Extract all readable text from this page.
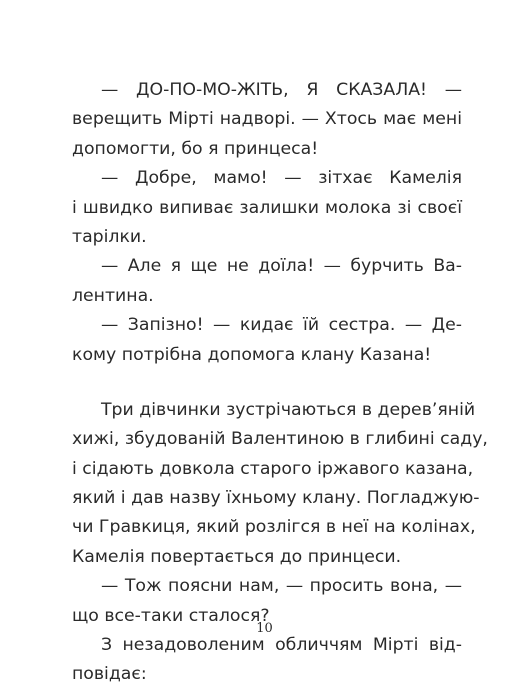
— ДО-ПО-МО-ЖІТЬ, Я СКАЗАЛА! —
верещить Мірті надворі. — Хтось має мені
допомогти, бо я принцеса!
— Добре, мамо! — зітхає Камелія
і швидко випиває залишки молока зі своєї
тарілки.
— Але я ще не доїла! — бурчить Ва-
лентина.
— Запізно! — кидає їй сестра. — Де-
кому потрібна допомога клану Казана!
Три дівчинки зустрічаються в дерев’яній
хижі, збудованій Валентиною в глибині саду,
і сідають довкола старого іржавого казана,
який і дав назву їхньому клану. Погладжую-
чи Гравкиця, який розлігся в неї на колінах,
Камелія повертається до принцеси.
— Тож поясни нам, — просить вона, —
що все-таки сталося?
З незадоволеним обличчям Мірті від-
повідає:
10
